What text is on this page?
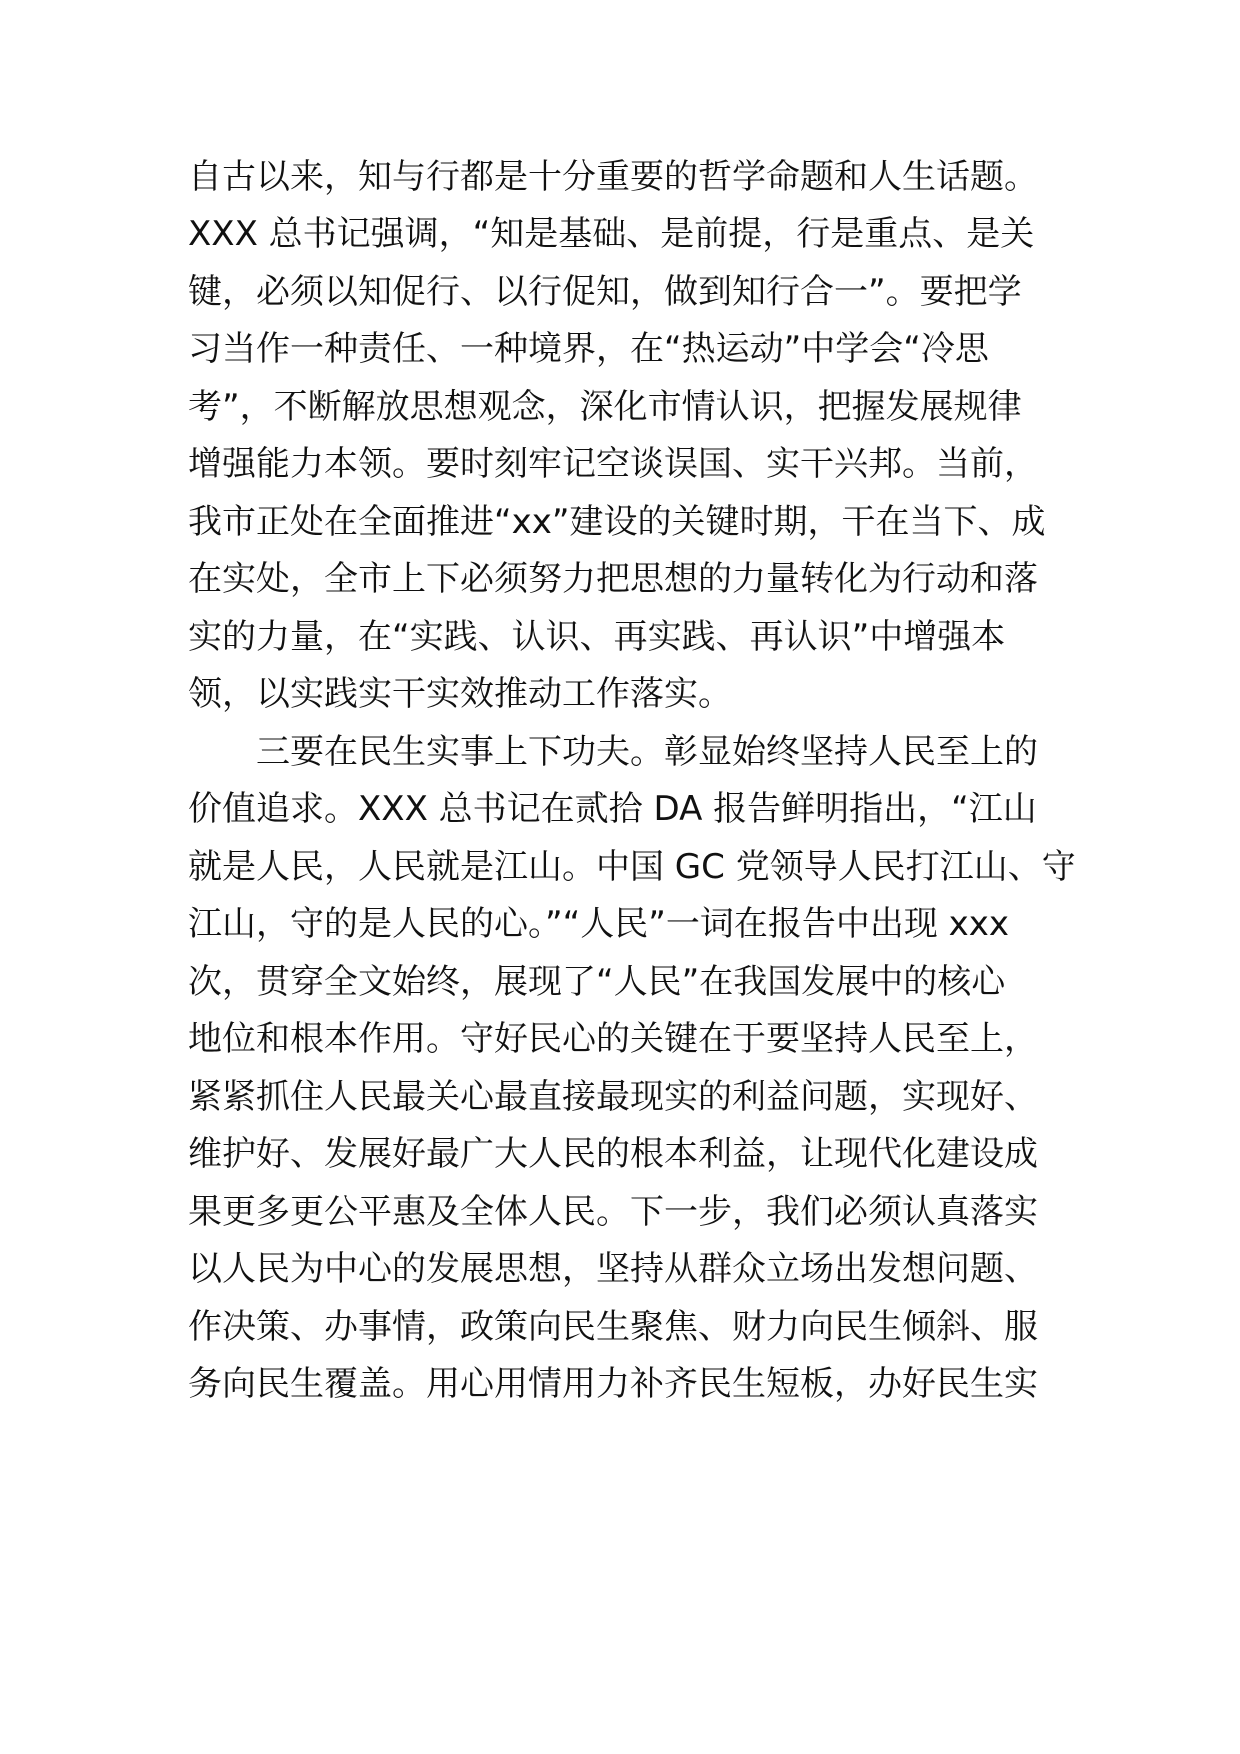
自古以来，知与行都是十分重要的哲学命题和人生话题。
XXX 总书记强调，“知是基础、是前提，行是重点、是关
键，必须以知促行、以行促知，做到知行合一”。要把学
习当作一种责任、一种境界，在“热运动”中学会“冷思
考”，不断解放思想观念，深化市情认识，把握发展规律
增强能力本领。要时刻牢记空谈误国、实干兴邦。当前，
我市正处在全面推进“xx”建设的关键时期，干在当下、成
在实处，全市上下必须努力把思想的力量转化为行动和落
实的力量，在“实践、认识、再实践、再认识”中增强本
领，以实践实干实效推动工作落实。
三要在民生实事上下功夫。彰显始终坚持人民至上的
价值追求。XXX 总书记在贰拾 DA 报告鲜明指出，“江山
就是人民，人民就是江山。中国 GC 党领导人民打江山、守
江山，守的是人民的心。”“人民”一词在报告中出现 xxx
次，贯穿全文始终，展现了“人民”在我国发展中的核心
地位和根本作用。守好民心的关键在于要坚持人民至上，
紧紧抓住人民最关心最直接最现实的利益问题，实现好、
维护好、发展好最广大人民的根本利益，让现代化建设成
果更多更公平惠及全体人民。下一步，我们必须认真落实
以人民为中心的发展思想，坚持从群众立场出发想问题、
作决策、办事情，政策向民生聚焦、财力向民生倾斜、服
务向民生覆盖。用心用情用力补齐民生短板，办好民生实
